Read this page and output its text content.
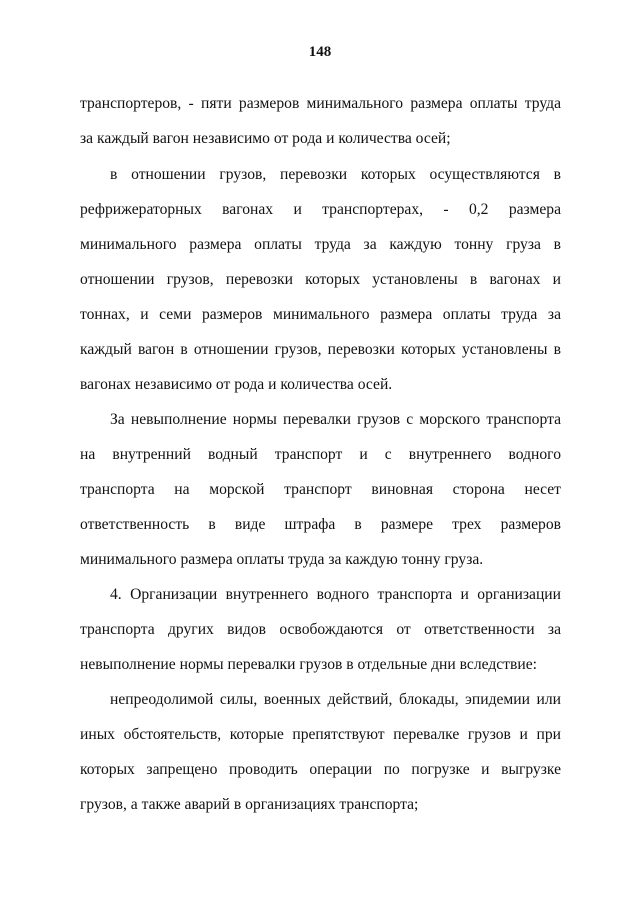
148
транспортеров, - пяти размеров минимального размера оплаты труда
за каждый вагон независимо от рода и количества осей;
в отношении грузов, перевозки которых осуществляются в
рефрижераторных вагонах и транспортерах, - 0,2 размера
минимального размера оплаты труда за каждую тонну груза в
отношении грузов, перевозки которых установлены в вагонах и
тоннах, и семи размеров минимального размера оплаты труда за
каждый вагон в отношении грузов, перевозки которых установлены в
вагонах независимо от рода и количества осей.
За невыполнение нормы перевалки грузов с морского транспорта
на внутренний водный транспорт и с внутреннего водного
транспорта на морской транспорт виновная сторона несет
ответственность в виде штрафа в размере трех размеров
минимального размера оплаты труда за каждую тонну груза.
4. Организации внутреннего водного транспорта и организации
транспорта других видов освобождаются от ответственности за
невыполнение нормы перевалки грузов в отдельные дни вследствие:
непреодолимой силы, военных действий, блокады, эпидемии или
иных обстоятельств, которые препятствуют перевалке грузов и при
которых запрещено проводить операции по погрузке и выгрузке
грузов, а также аварий в организациях транспорта;
